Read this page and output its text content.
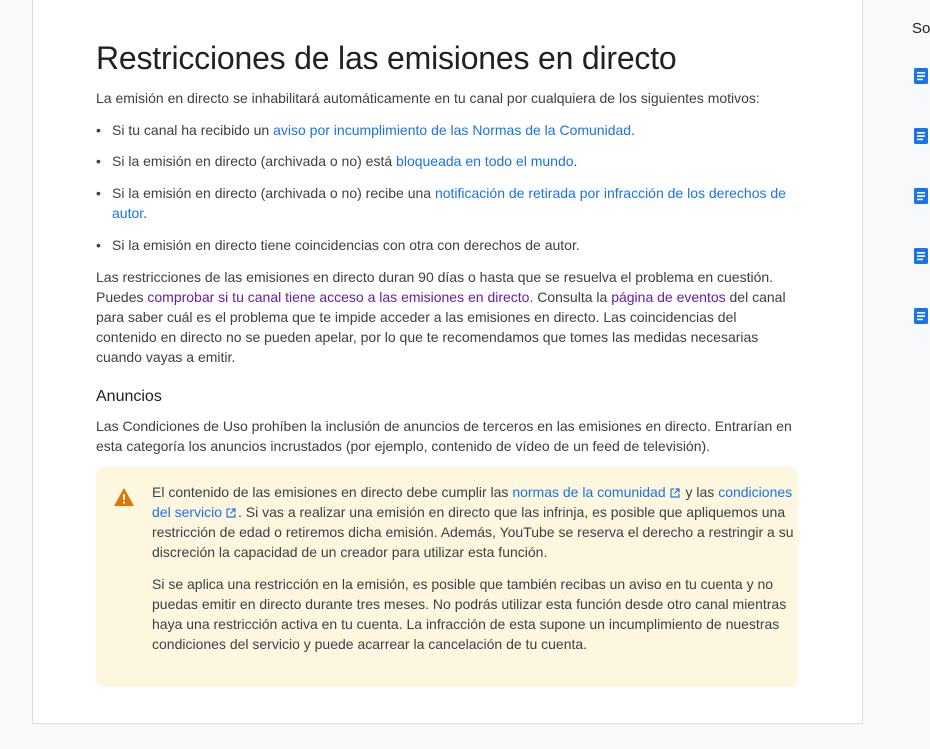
Restricciones de las emisiones en directo

La emisión en directo se inhabilitará automáticamente en tu canal por cualquiera de los siguientes motivos:

• Si tu canal ha recibido un aviso por incumplimiento de las Normas de la Comunidad.
• Si la emisión en directo (archivada o no) está bloqueada en todo el mundo.
• Si la emisión en directo (archivada o no) recibe una notificación de retirada por infracción de los derechos de autor.
• Si la emisión en directo tiene coincidencias con otra con derechos de autor.

Las restricciones de las emisiones en directo duran 90 días o hasta que se resuelva el problema en cuestión. Puedes comprobar si tu canal tiene acceso a las emisiones en directo. Consulta la página de eventos del canal para saber cuál es el problema que te impide acceder a las emisiones en directo. Las coincidencias del contenido en directo no se pueden apelar, por lo que te recomendamos que tomes las medidas necesarias cuando vayas a emitir.

Anuncios

Las Condiciones de Uso prohíben la inclusión de anuncios de terceros en las emisiones en directo. Entrarían en esta categoría los anuncios incrustados (por ejemplo, contenido de vídeo de un feed de televisión).

El contenido de las emisiones en directo debe cumplir las normas de la comunidad y las condiciones del servicio . Si vas a realizar una emisión en directo que las infrinja, es posible que apliquemos una restricción de edad o retiremos dicha emisión. Además, YouTube se reserva el derecho a restringir a su discreción la capacidad de un creador para utilizar esta función.

Si se aplica una restricción en la emisión, es posible que también recibas un aviso en tu cuenta y no puedas emitir en directo durante tres meses. No podrás utilizar esta función desde otro canal mientras haya una restricción activa en tu cuenta. La infracción de esta supone un incumplimiento de nuestras condiciones del servicio y puede acarrear la cancelación de tu cuenta.

So
